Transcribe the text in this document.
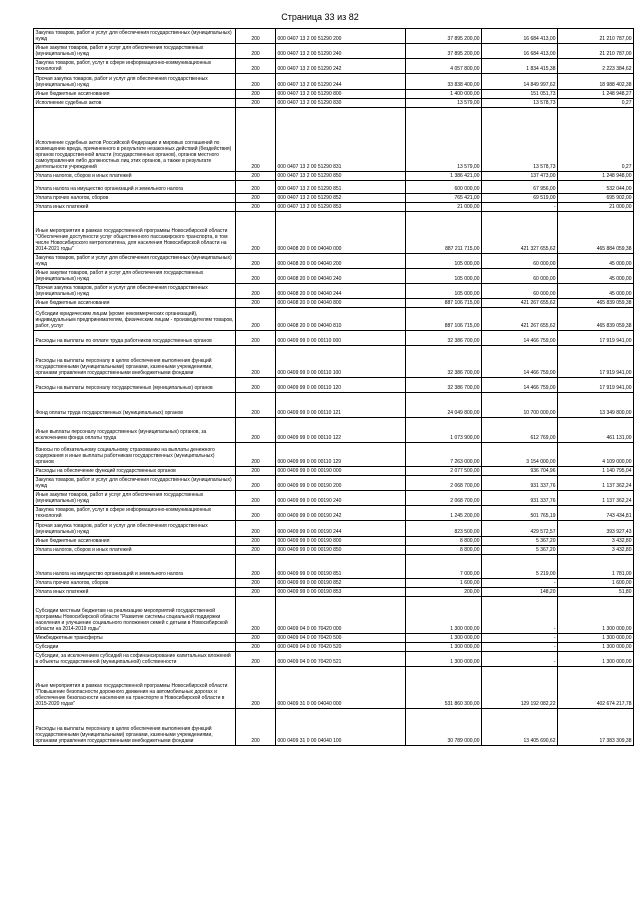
Страница 33 из 82
Закупка товаров, работ и услуг для обеспечения государственных (муниципальных) нужд	200	000 0407 13 2 00 51290 200	37 895 200,00	16 684 413,00	21 210 787,00
Иные закупки товаров, работ и услуг для обеспечения государственных (муниципальных) нужд	200	000 0407 13 2 00 51290 240	37 895 200,00	16 684 413,00	21 210 787,00
Закупка товаров, работ, услуг в сфере информационно-коммуникационных технологий	200	000 0407 13 2 00 51290 242	4 057 800,00	1 834 415,38	2 223 384,62
Прочая закупка товаров, работ и услуг для обеспечения государственных (муниципальных) нужд	200	000 0407 13 2 00 51290 244	33 838 400,00	14 849 997,62	18 988 402,38
Иные бюджетные ассигнования	200	000 0407 13 2 00 51290 800	1 400 000,00	151 051,73	1 248 948,27
Исполнение судебных актов	200	000 0407 13 2 00 51290 830	13 579,00	13 578,73	0,27
Исполнение судебных актов Российской Федерации и мировых соглашений по возмещению вреда, причиненного в результате незаконных действий (бездействия) органов государственной власти (государственных органов), органов местного самоуправления либо должностных лиц этих органов, а также в результате деятельности учреждений	200	000 0407 13 2 00 51290 831	13 579,00	13 578,73	0,27
Уплата налогов, сборов и иных платежей	200	000 0407 13 2 00 51290 850	1 386 421,00	137 473,00	1 248 948,00
Уплата налога на имущество организаций и земельного налога	200	000 0407 13 2 00 51290 851	600 000,00	67 956,00	532 044,00
Уплата прочих налогов, сборов	200	000 0407 13 2 00 51290 852	765 421,00	69 519,00	695 902,00
Уплата иных платежей	200	000 0407 13 2 00 51290 853	21 000,00	-	21 000,00
Иные мероприятия в рамках государственной программы Новосибирской области "Обеспечение доступности услуг общественного пассажирского транспорта, в том числе Новосибирского метрополитена, для населения Новосибирской области на 2014-2021 годы"	200	000 0408 20 0 00 04040 000	887 211 715,00	421 327 655,62	465 884 059,38
Закупка товаров, работ и услуг для обеспечения государственных (муниципальных) нужд	200	000 0408 20 0 00 04040 200	105 000,00	60 000,00	45 000,00
Иные закупки товаров, работ и услуг для обеспечения государственных (муниципальных) нужд	200	000 0408 20 0 00 04040 240	105 000,00	60 000,00	45 000,00
Прочая закупка товаров, работ и услуг для обеспечения государственных (муниципальных) нужд	200	000 0408 20 0 00 04040 244	105 000,00	60 000,00	45 000,00
Иные бюджетные ассигнования	200	000 0408 20 0 00 04040 800	887 106 715,00	421 267 655,62	465 839 059,38
Субсидии юридическим лицам (кроме некоммерческих организаций), индивидуальным предпринимателям, физическим лицам - производителям товаров, работ, услуг	200	000 0408 20 0 00 04040 810	887 106 715,00	421 267 655,62	465 839 059,38
Расходы на выплаты по оплате труда работников государственных органов	200	000 0409 99 0 00 00110 000	32 386 700,00	14 466 759,00	17 919 941,00
Расходы на выплаты персоналу в целях обеспечения выполнения функций государственными (муниципальными) органами, казенными учреждениями, органами управления государственными внебюджетными фондами	200	000 0409 99 0 00 00110 100	32 386 700,00	14 466 759,00	17 919 941,00
Расходы на выплаты персоналу государственных (муниципальных) органов	200	000 0409 99 0 00 00110 120	32 386 700,00	14 466 759,00	17 919 941,00
Фонд оплаты труда государственных (муниципальных) органов	200	000 0409 99 0 00 00110 121	24 049 800,00	10 700 000,00	13 349 800,00
Иные выплаты персоналу государственных (муниципальных) органов, за исключением фонда оплаты труда	200	000 0409 99 0 00 00110 122	1 073 900,00	612 769,00	461 131,00
Взносы по обязательному социальному страхованию на выплаты денежного содержания и иные выплаты работникам государственных (муниципальных) органов	200	000 0409 99 0 00 00110 129	7 263 000,00	3 154 000,00	4 109 000,00
Расходы на обеспечение функций государственных органов	200	000 0409 99 0 00 00190 000	2 077 500,00	936 704,96	1 140 795,04
Закупка товаров, работ и услуг для обеспечения государственных (муниципальных) нужд	200	000 0409 99 0 00 00190 200	2 068 700,00	931 337,76	1 137 362,24
Иные закупки товаров, работ и услуг для обеспечения государственных (муниципальных) нужд	200	000 0409 99 0 00 00190 240	2 068 700,00	931 337,76	1 137 362,24
Закупка товаров, работ, услуг в сфере информационно-коммуникационных технологий	200	000 0409 99 0 00 00190 242	1 245 200,00	501 765,19	743 434,81
Прочая закупка товаров, работ и услуг для обеспечения государственных (муниципальных) нужд	200	000 0409 99 0 00 00190 244	823 500,00	429 572,57	393 927,43
Иные бюджетные ассигнования	200	000 0409 99 0 00 00190 800	8 800,00	5 367,20	3 432,80
Уплата налогов, сборов и иных платежей	200	000 0409 99 0 00 00190 850	8 800,00	5 367,20	3 432,80
Уплата налога на имущество организаций и земельного налога	200	000 0409 99 0 00 00190 851	7 000,00	5 219,00	1 781,00
Уплата прочих налогов, сборов	200	000 0409 99 0 00 00190 852	1 600,00	-	1 600,00
Уплата иных платежей	200	000 0409 99 0 00 00190 853	200,00	148,20	51,80
Субсидии местным бюджетам на реализацию мероприятий государственной программы Новосибирской области "Развитие системы социальной поддержки населения и улучшение социального положения семей с детьми в Новосибирской области на 2014-2019 годы"	200	000 0409 04 0 00 70420 000	1 300 000,00	-	1 300 000,00
Межбюджетные трансферты	200	000 0409 04 0 00 70420 500	1 300 000,00	-	1 300 000,00
Субсидии	200	000 0409 04 0 00 70420 520	1 300 000,00	-	1 300 000,00
Субсидии, за исключением субсидий на софинансирование капитальных вложений в объекты государственной (муниципальной) собственности	200	000 0409 04 0 00 70420 521	1 300 000,00	-	1 300 000,00
Иные мероприятия в рамках государственной программы Новосибирской области "Повышение безопасности дорожного движения на автомобильных дорогах и обеспечение безопасности населения на транспорте в Новосибирской области в 2015-2020 годах"	200	000 0409 31 0 00 04040 000	531 860 300,00	129 192 082,22	402 674 217,78
Расходы на выплаты персоналу в целях обеспечения выполнения функций государственными (муниципальными) органами, казенными учреждениями, органами управления государственными внебюджетными фондами	200	000 0409 31 0 00 04040 100	30 789 000,00	13 405 690,62	17 383 309,38
